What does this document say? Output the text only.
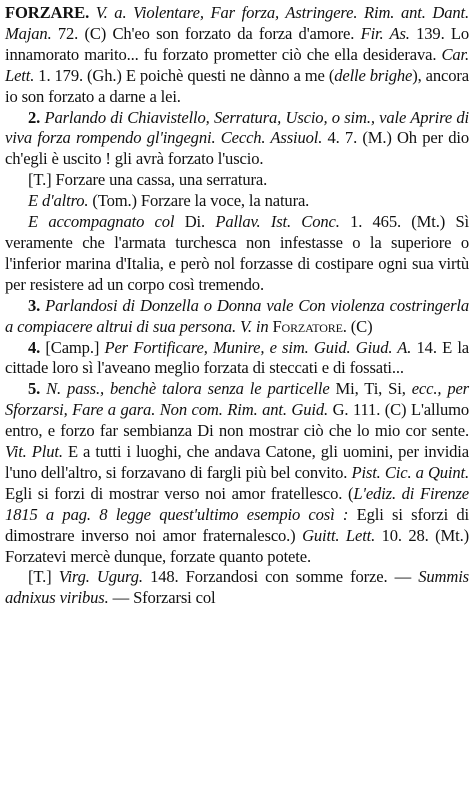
FORZARE. V. a. Violentare, Far forza, Astringere. Rim. ant. Dant. Majan. 72. (C) Ch'eo son forzato da forza d'amore. Fir. As. 139. Lo innamorato marito... fu forzato prometter ciò che ella desiderava. Car. Lett. 1. 179. (Gh.) E poichè questi ne dànno a me (delle brighe), ancora io son forzato a darne a lei.

2. Parlando di Chiavistello, Serratura, Uscio, o sim., vale Aprire di viva forza rompendo gl'ingegni. Cecch. Assiuol. 4. 7. (M.) Oh per dio ch'egli è uscito ! gli avrà forzato l'uscio.

[T.] Forzare una cassa, una serratura.

E d'altro. (Tom.) Forzare la voce, la natura.

E accompagnato col Di. Pallav. Ist. Conc. 1. 465. (Mt.) Sì veramente che l'armata turchesca non infestasse o la superiore o l'inferior marina d'Italia, e però nol forzasse di costipare ogni sua virtù per resistere ad un corpo così tremendo.

3. Parlandosi di Donzella o Donna vale Con violenza costringerla a compiacere altrui di sua persona. V. in Forzatore. (C)

4. [Camp.] Per Fortificare, Munire, e sim. Guid. Giud. A. 14. E la cittade loro sì l'aveano meglio forzata di steccati e di fossati...

5. N. pass., benchè talora senza le particelle Mi, Ti, Si, ecc., per Sforzarsi, Fare a gara. Non com. Rim. ant. Guid. G. 111. (C) L'allumo entro, e forzo far sembianza Di non mostrar ciò che lo mio cor sente. Vit. Plut. E a tutti i luoghi, che andava Catone, gli uomini, per invidia l'uno dell'altro, si forzavano di fargli più bel convito. Pist. Cic. a Quint. Egli si forzi di mostrar verso noi amor fratellesco. (L'ediz. di Firenze 1815 a pag. 8 legge quest'ultimo esempio così : Egli si sforzi di dimostrare inverso noi amor fraternalesco.) Guitt. Lett. 10. 28. (Mt.) Forzatevi mercè dunque, forzate quanto potete.

[T.] Virg. Ugurg. 148. Forzandosi con somme forze. — Summis adnixus viribus. — Sforzarsi col
